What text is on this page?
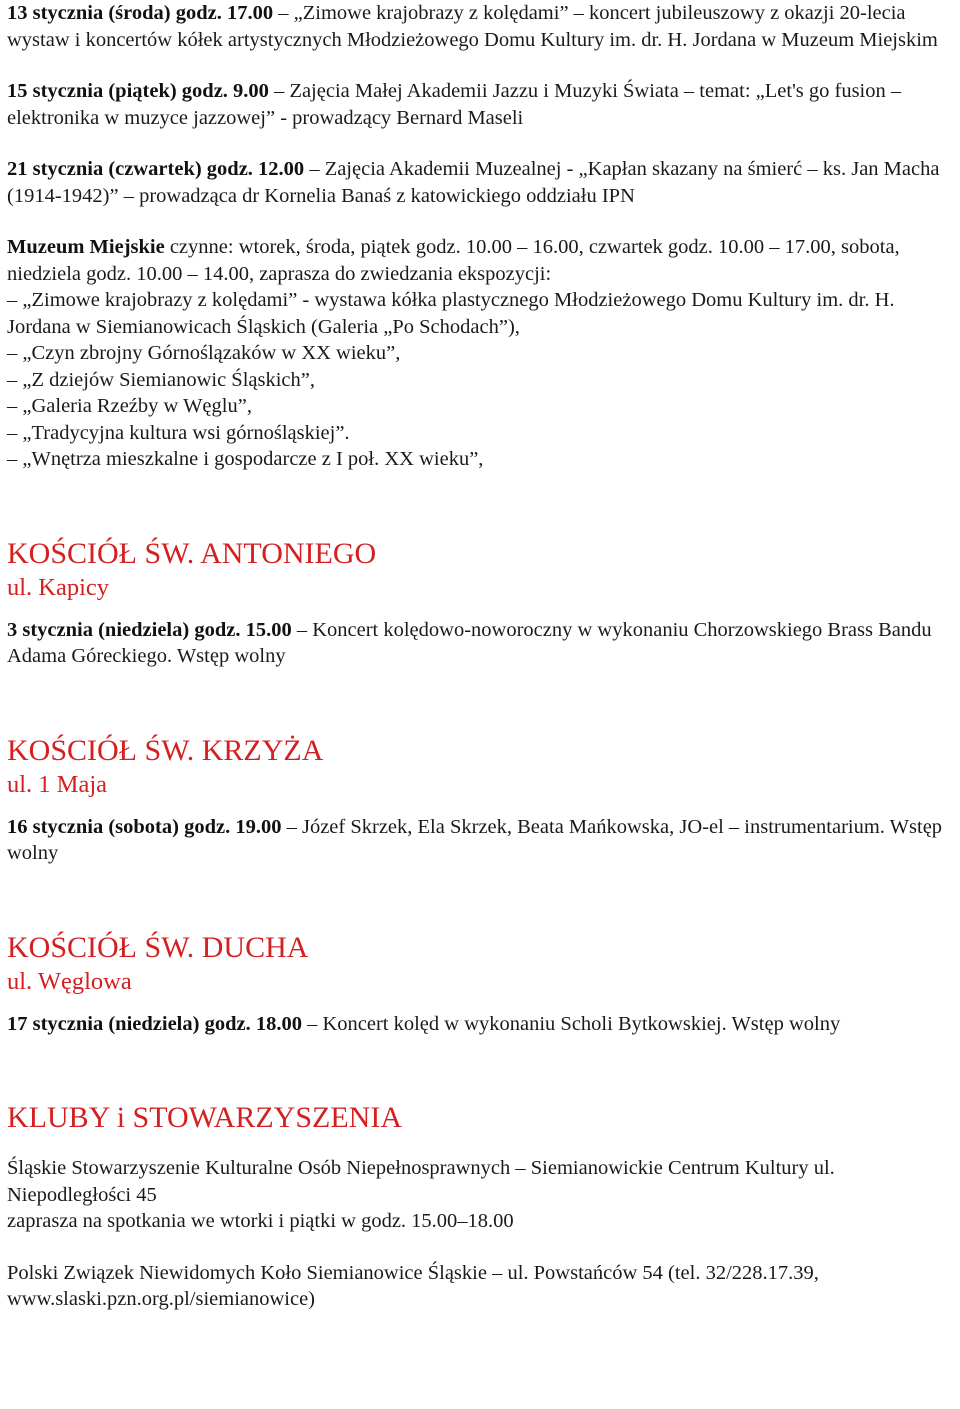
13 stycznia (środa) godz. 17.00 – „Zimowe krajobrazy z kolędami” – koncert jubileuszowy z okazji 20-lecia wystaw i koncertów kółek artystycznych Młodzieżowego Domu Kultury im. dr. H. Jordana w Muzeum Miejskim

15 stycznia (piątek) godz. 9.00 – Zajęcia Małej Akademii Jazzu i Muzyki Świata – temat: „Let's go fusion – elektronika w muzyce jazzowej” - prowadzący Bernard Maseli

21 stycznia (czwartek) godz. 12.00 – Zajęcia Akademii Muzealnej - „Kapłan skazany na śmierć – ks. Jan Macha (1914-1942)” – prowadząca dr Kornelia Banaś z katowickiego oddziału IPN

Muzeum Miejskie czynne: wtorek, środa, piątek godz. 10.00 – 16.00, czwartek godz. 10.00 – 17.00, sobota, niedziela godz. 10.00 – 14.00, zaprasza do zwiedzania ekspozycji:

– „Zimowe krajobrazy z kolędami” - wystawa kółka plastycznego Młodzieżowego Domu Kultury im. dr. H. Jordana w Siemianowicach Śląskich (Galeria „Po Schodach”),

– „Czyn zbrojny Górnoślązaków w XX wieku”,

– „Z dziejów Siemianowic Śląskich”,

– „Galeria Rzeźby w Węglu”,

– „Tradycyjna kultura wsi górnośląskiej”.

– „Wnętrza mieszkalne i gospodarcze z I poł. XX wieku”,

KOŚCIÓŁ ŚW. ANTONIEGO

ul. Kapicy

3 stycznia (niedziela) godz. 15.00 – Koncert kolędowo-noworoczny w wykonaniu Chorzowskiego Brass Bandu Adama Góreckiego. Wstęp wolny

KOŚCIÓŁ ŚW. KRZYŻA

ul. 1 Maja

16 stycznia (sobota) godz. 19.00 – Józef Skrzek, Ela Skrzek, Beata Mańkowska, JO-el – instrumentarium. Wstęp wolny

KOŚCIÓŁ ŚW. DUCHA

ul. Węglowa

17 stycznia (niedziela) godz. 18.00 – Koncert kolęd w wykonaniu Scholi Bytkowskiej. Wstęp wolny

KLUBY i STOWARZYSZENIA

Śląskie Stowarzyszenie Kulturalne Osób Niepełnosprawnych – Siemianowickie Centrum Kultury ul. Niepodległości 45

zaprasza na spotkania we wtorki i piątki w godz. 15.00–18.00

Polski Związek Niewidomych Koło Siemianowice Śląskie – ul. Powstańców 54 (tel. 32/228.17.39, www.slaski.pzn.org.pl/siemianowice)
